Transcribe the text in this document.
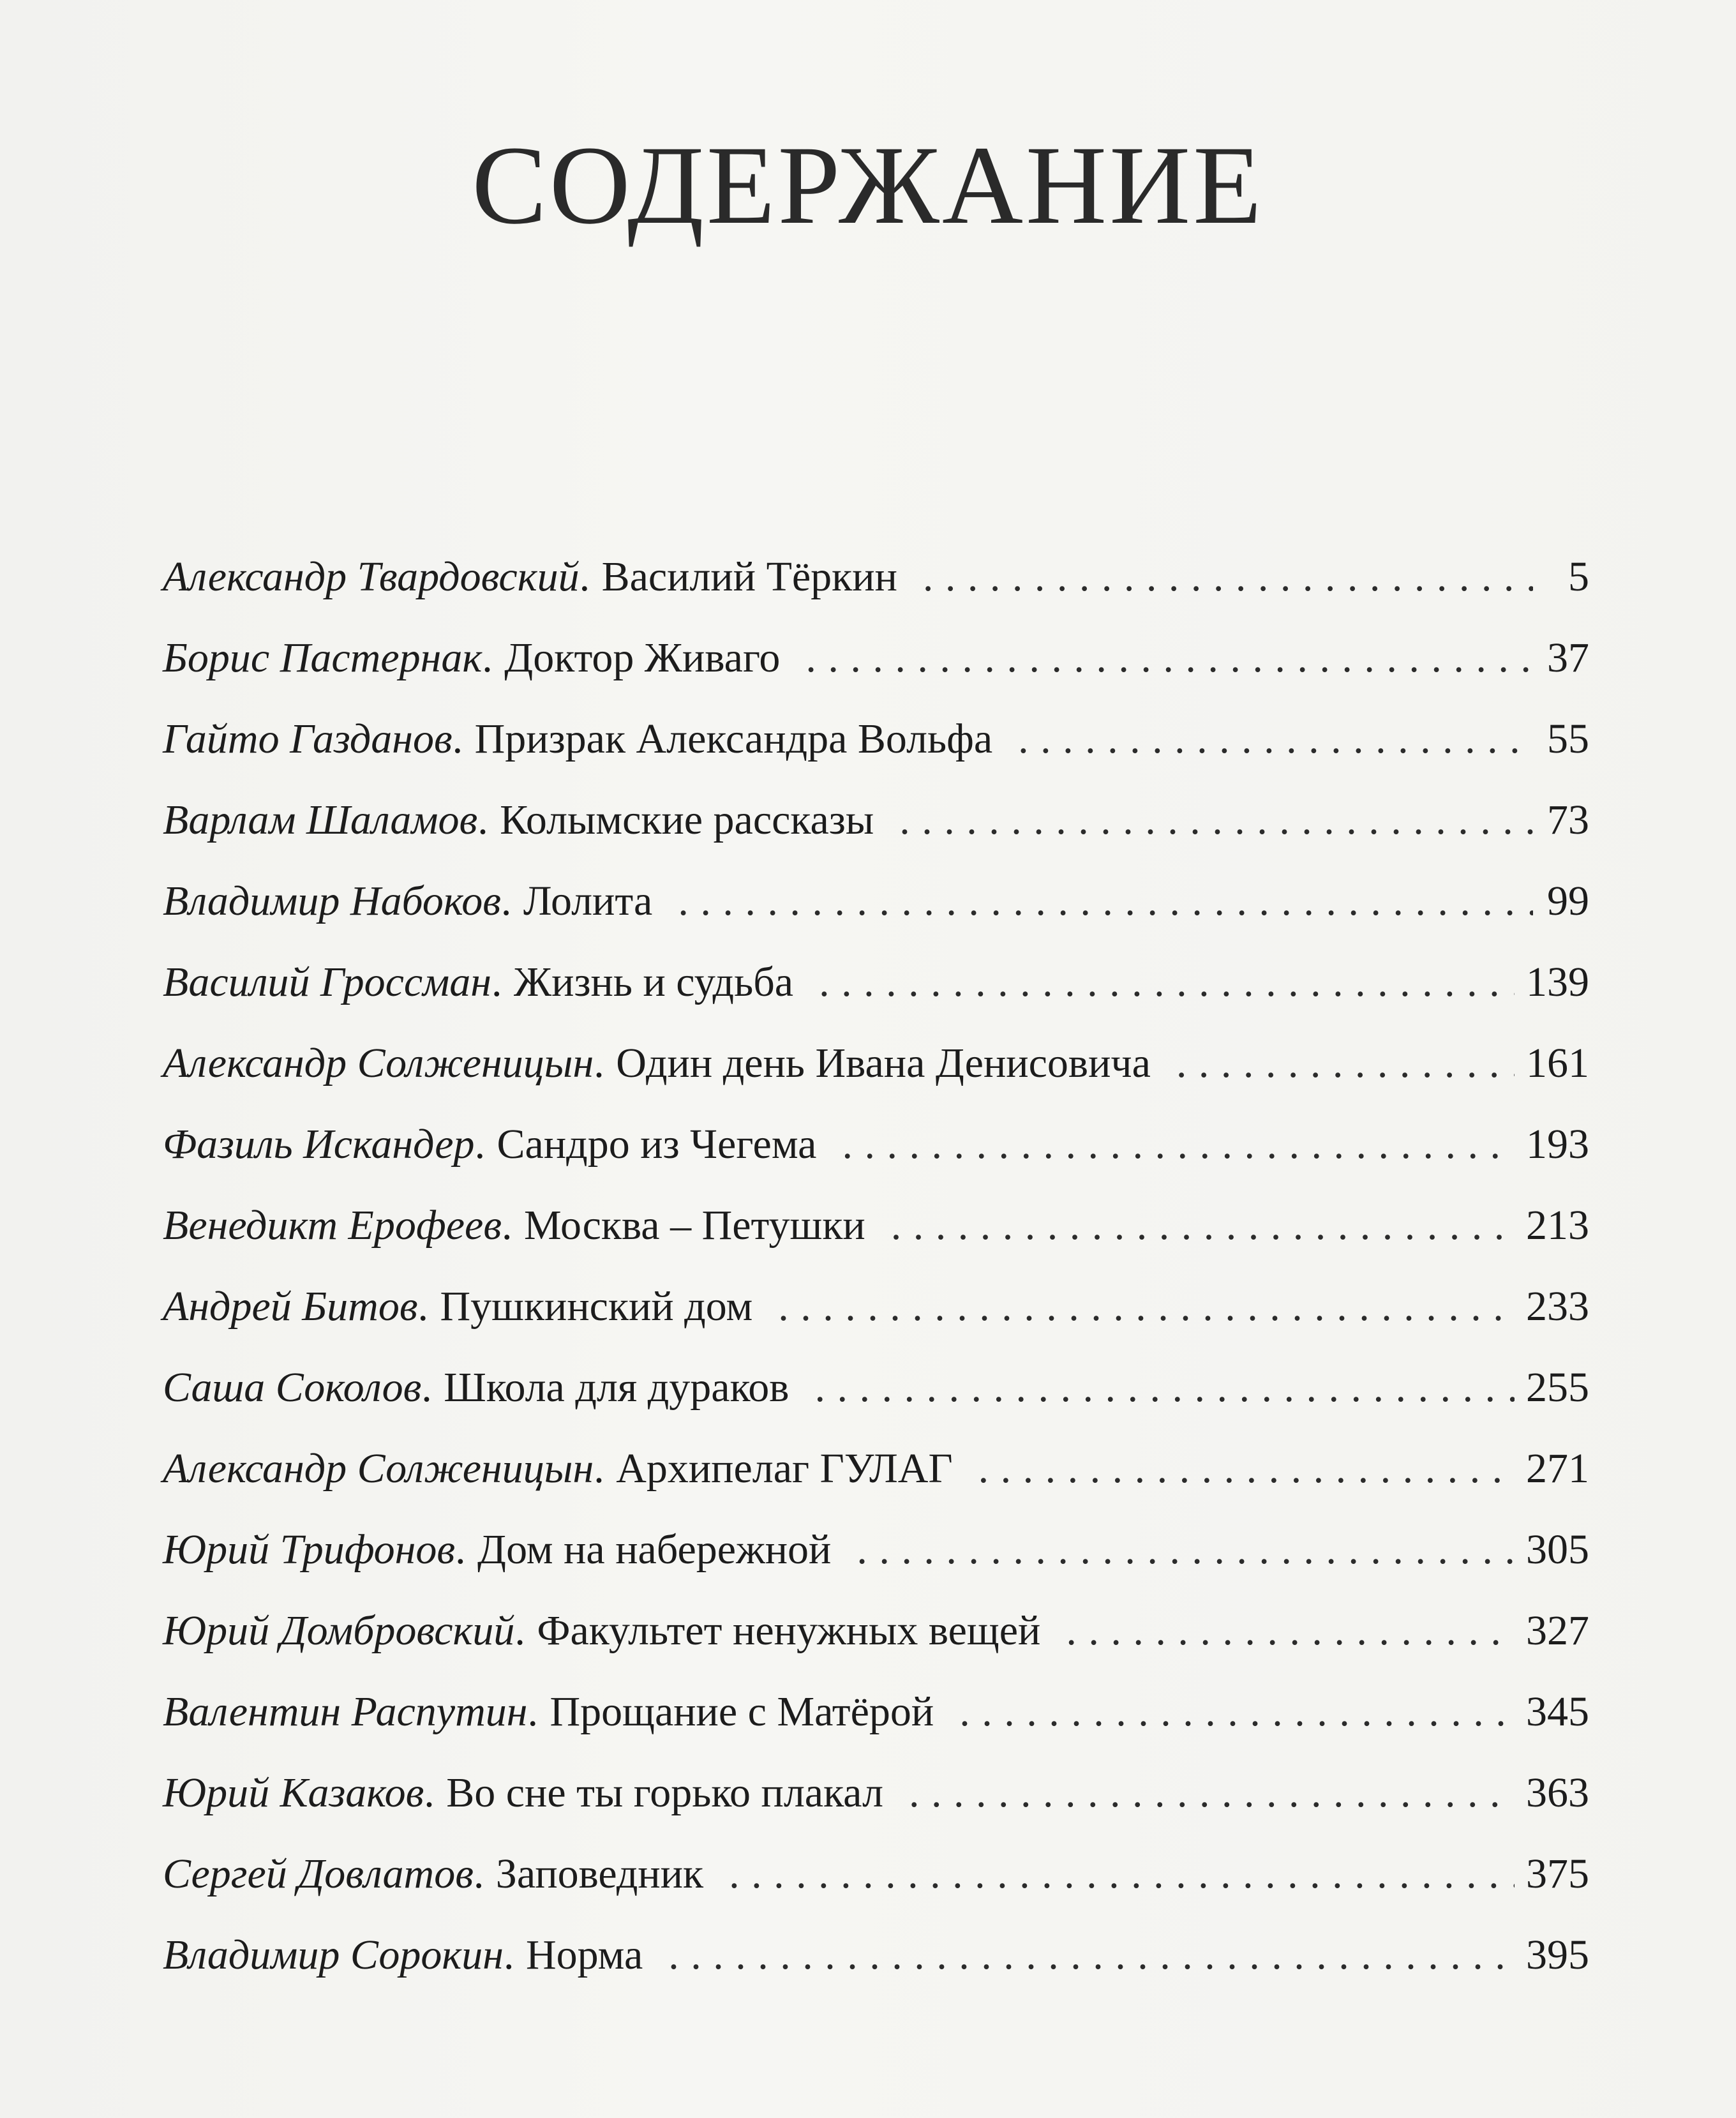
СОДЕРЖАНИЕ
Александр Твардовский . Василий Тёркин . . .	5
Борис Пастернак . Доктор Живаго . . .	37
Гайто Газданов . Призрак Александра Вольфа . . .	55
Варлам Шаламов . Колымские рассказы . . .	73
Владимир Набоков . Лолита . . .	99
Василий Гроссман . Жизнь и судьба . . .	139
Александр Солженицын . Один день Ивана Денисовича . . .	161
Фазиль Искандер . Сандро из Чегема . . .	193
Венедикт Ерофеев . Москва – Петушки . . .	213
Андрей Битов . Пушкинский дом . . .	233
Саша Соколов . Школа для дураков . . .	255
Александр Солженицын . Архипелаг ГУЛАГ . . .	271
Юрий Трифонов . Дом на набережной . . .	305
Юрий Домбровский . Факультет ненужных вещей . . .	327
Валентин Распутин . Прощание с Матёрой . . .	345
Юрий Казаков . Во сне ты горько плакал . . .	363
Сергей Довлатов . Заповедник . . .	375
Владимир Сорокин . Норма . . .	395
